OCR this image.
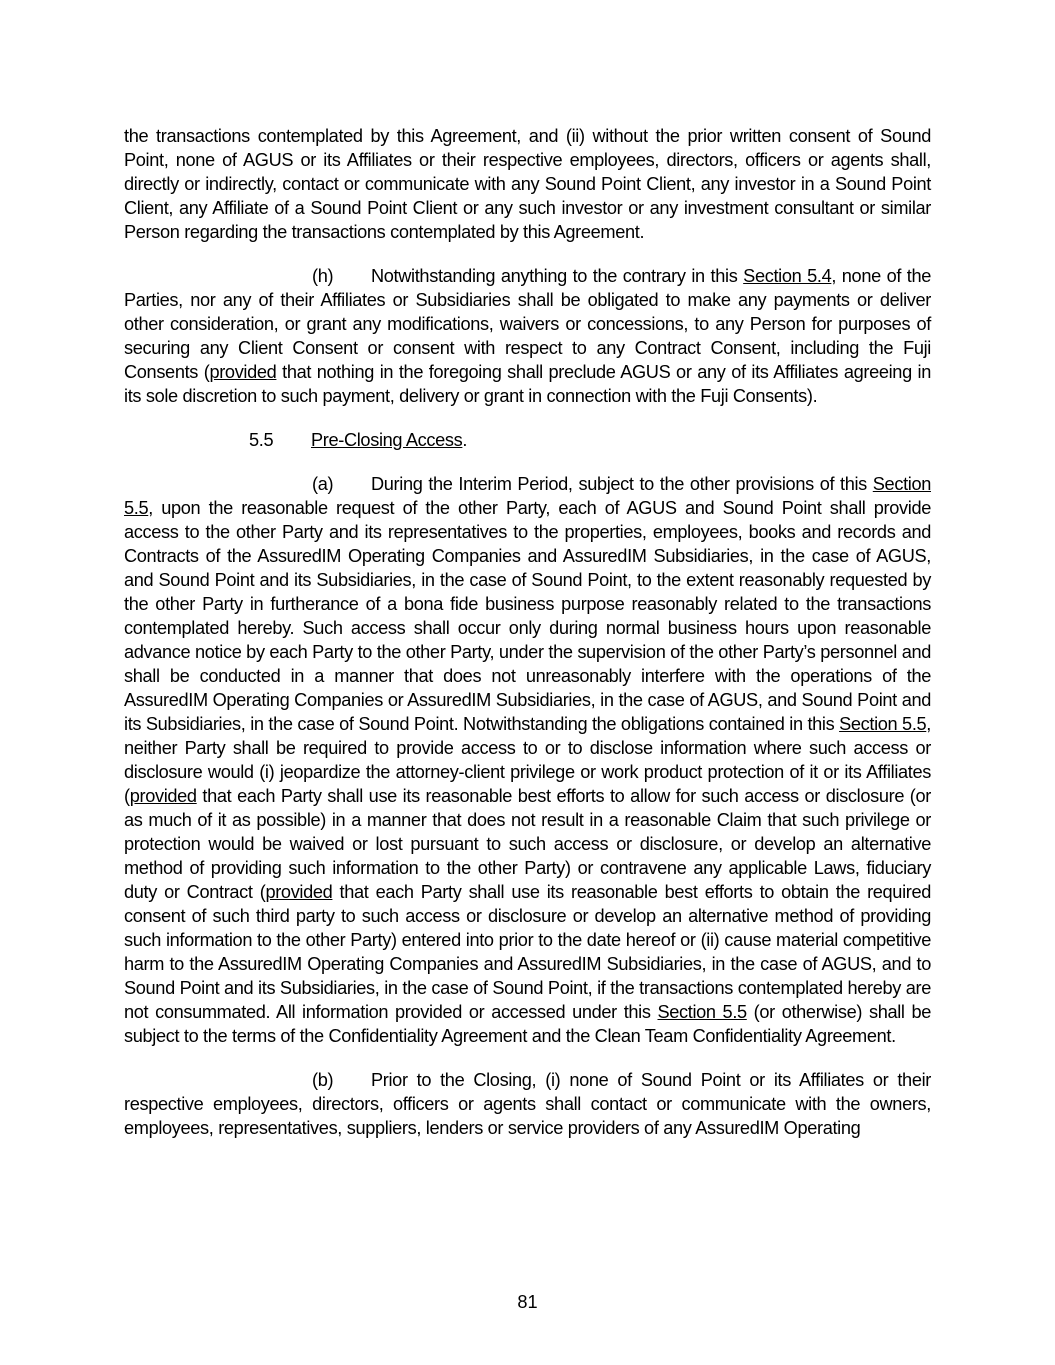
the transactions contemplated by this Agreement, and (ii) without the prior written consent of Sound Point, none of AGUS or its Affiliates or their respective employees, directors, officers or agents shall, directly or indirectly, contact or communicate with any Sound Point Client, any investor in a Sound Point Client, any Affiliate of a Sound Point Client or any such investor or any investment consultant or similar Person regarding the transactions contemplated by this Agreement.

(h) Notwithstanding anything to the contrary in this Section 5.4, none of the Parties, nor any of their Affiliates or Subsidiaries shall be obligated to make any payments or deliver other consideration, or grant any modifications, waivers or concessions, to any Person for purposes of securing any Client Consent or consent with respect to any Contract Consent, including the Fuji Consents (provided that nothing in the foregoing shall preclude AGUS or any of its Affiliates agreeing in its sole discretion to such payment, delivery or grant in connection with the Fuji Consents).

5.5	Pre-Closing Access .

(a) During the Interim Period, subject to the other provisions of this Section 5.5, upon the reasonable request of the other Party, each of AGUS and Sound Point shall provide access to the other Party and its representatives to the properties, employees, books and records and Contracts of the AssuredIM Operating Companies and AssuredIM Subsidiaries, in the case of AGUS, and Sound Point and its Subsidiaries, in the case of Sound Point, to the extent reasonably requested by the other Party in furtherance of a bona fide business purpose reasonably related to the transactions contemplated hereby. Such access shall occur only during normal business hours upon reasonable advance notice by each Party to the other Party, under the supervision of the other Party’s personnel and shall be conducted in a manner that does not unreasonably interfere with the operations of the AssuredIM Operating Companies or AssuredIM Subsidiaries, in the case of AGUS, and Sound Point and its Subsidiaries, in the case of Sound Point. Notwithstanding the obligations contained in this Section 5.5, neither Party shall be required to provide access to or to disclose information where such access or disclosure would (i) jeopardize the attorney-client privilege or work product protection of it or its Affiliates (provided that each Party shall use its reasonable best efforts to allow for such access or disclosure (or as much of it as possible) in a manner that does not result in a reasonable Claim that such privilege or protection would be waived or lost pursuant to such access or disclosure, or develop an alternative method of providing such information to the other Party) or contravene any applicable Laws, fiduciary duty or Contract (provided that each Party shall use its reasonable best efforts to obtain the required consent of such third party to such access or disclosure or develop an alternative method of providing such information to the other Party) entered into prior to the date hereof or (ii) cause material competitive harm to the AssuredIM Operating Companies and AssuredIM Subsidiaries, in the case of AGUS, and to Sound Point and its Subsidiaries, in the case of Sound Point, if the transactions contemplated hereby are not consummated. All information provided or accessed under this Section 5.5 (or otherwise) shall be subject to the terms of the Confidentiality Agreement and the Clean Team Confidentiality Agreement.

(b) Prior to the Closing, (i) none of Sound Point or its Affiliates or their respective employees, directors, officers or agents shall contact or communicate with the owners, employees, representatives, suppliers, lenders or service providers of any AssuredIM Operating

81
